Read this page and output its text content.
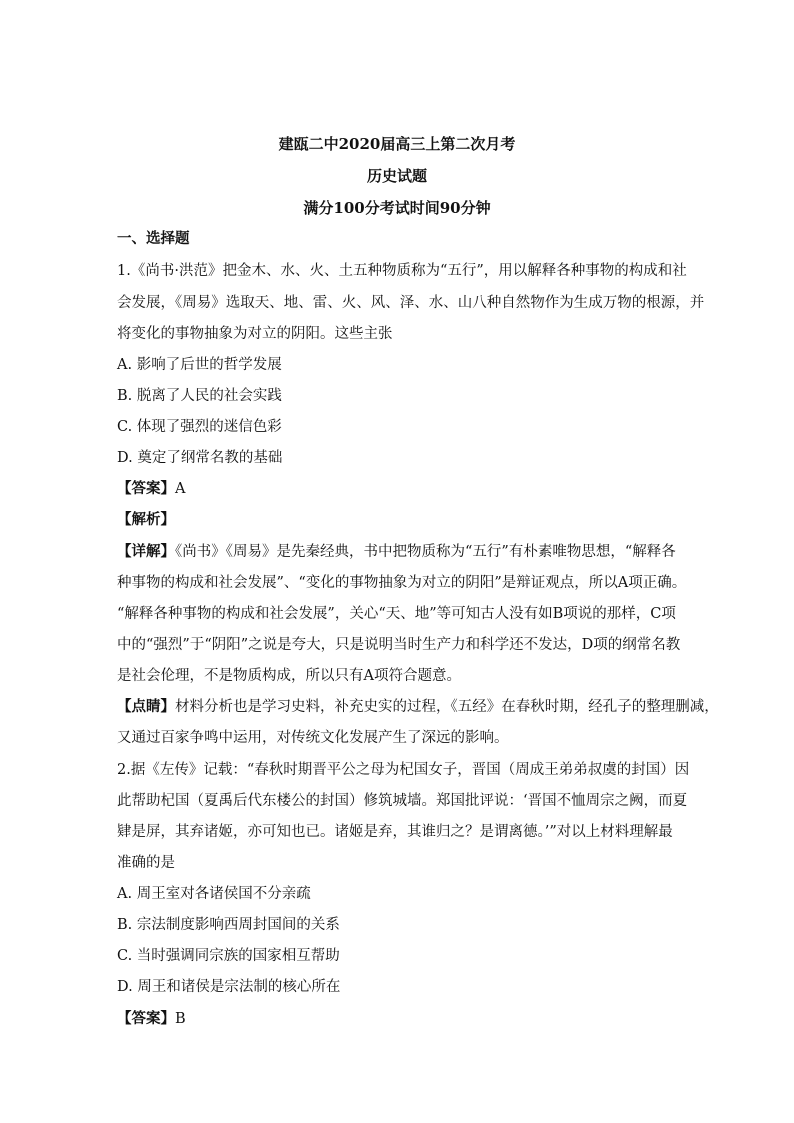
建瓯二中2020届高三上第二次月考
历史试题
满分100分考试时间90分钟
一、选择题
1.《尚书·洪范》把金木、水、火、土五种物质称为“五行”，用以解释各种事物的构成和社
会发展，《周易》选取天、地、雷、火、风、泽、水、山八种自然物作为生成万物的根源，并
将变化的事物抽象为对立的阴阳。这些主张
A. 影响了后世的哲学发展
B. 脱离了人民的社会实践
C. 体现了强烈的迷信色彩
D. 奠定了纲常名教的基础
【答案】A
【解析】
【详解】《尚书》《周易》是先秦经典，书中把物质称为“五行”有朴素唯物思想，“解释各
种事物的构成和社会发展”、“变化的事物抽象为对立的阴阳”是辩证观点，所以A项正确。
“解释各种事物的构成和社会发展”，关心“天、地”等可知古人没有如B项说的那样，C项
中的“强烈”于“阴阳”之说是夸大，只是说明当时生产力和科学还不发达，D项的纲常名教
是社会伦理，不是物质构成，所以只有A项符合题意。
【点睛】材料分析也是学习史料，补充史实的过程，《五经》在春秋时期，经孔子的整理删减，
又通过百家争鸣中运用，对传统文化发展产生了深远的影响。
2.据《左传》记载：“春秋时期晋平公之母为杞国女子，晋国（周成王弟弟叔虞的封国）因
此帮助杞国（夏禹后代东楼公的封国）修筑城墙。郑国批评说：‘晋国不恤周宗之阙，而夏
肄是屏，其弃诸姬，亦可知也已。诸姬是弃，其谁归之？是谓离德。’”对以上材料理解最
准确的是
A. 周王室对各诸侯国不分亲疏
B. 宗法制度影响西周封国间的关系
C. 当时强调同宗族的国家相互帮助
D. 周王和诸侯是宗法制的核心所在
【答案】B
